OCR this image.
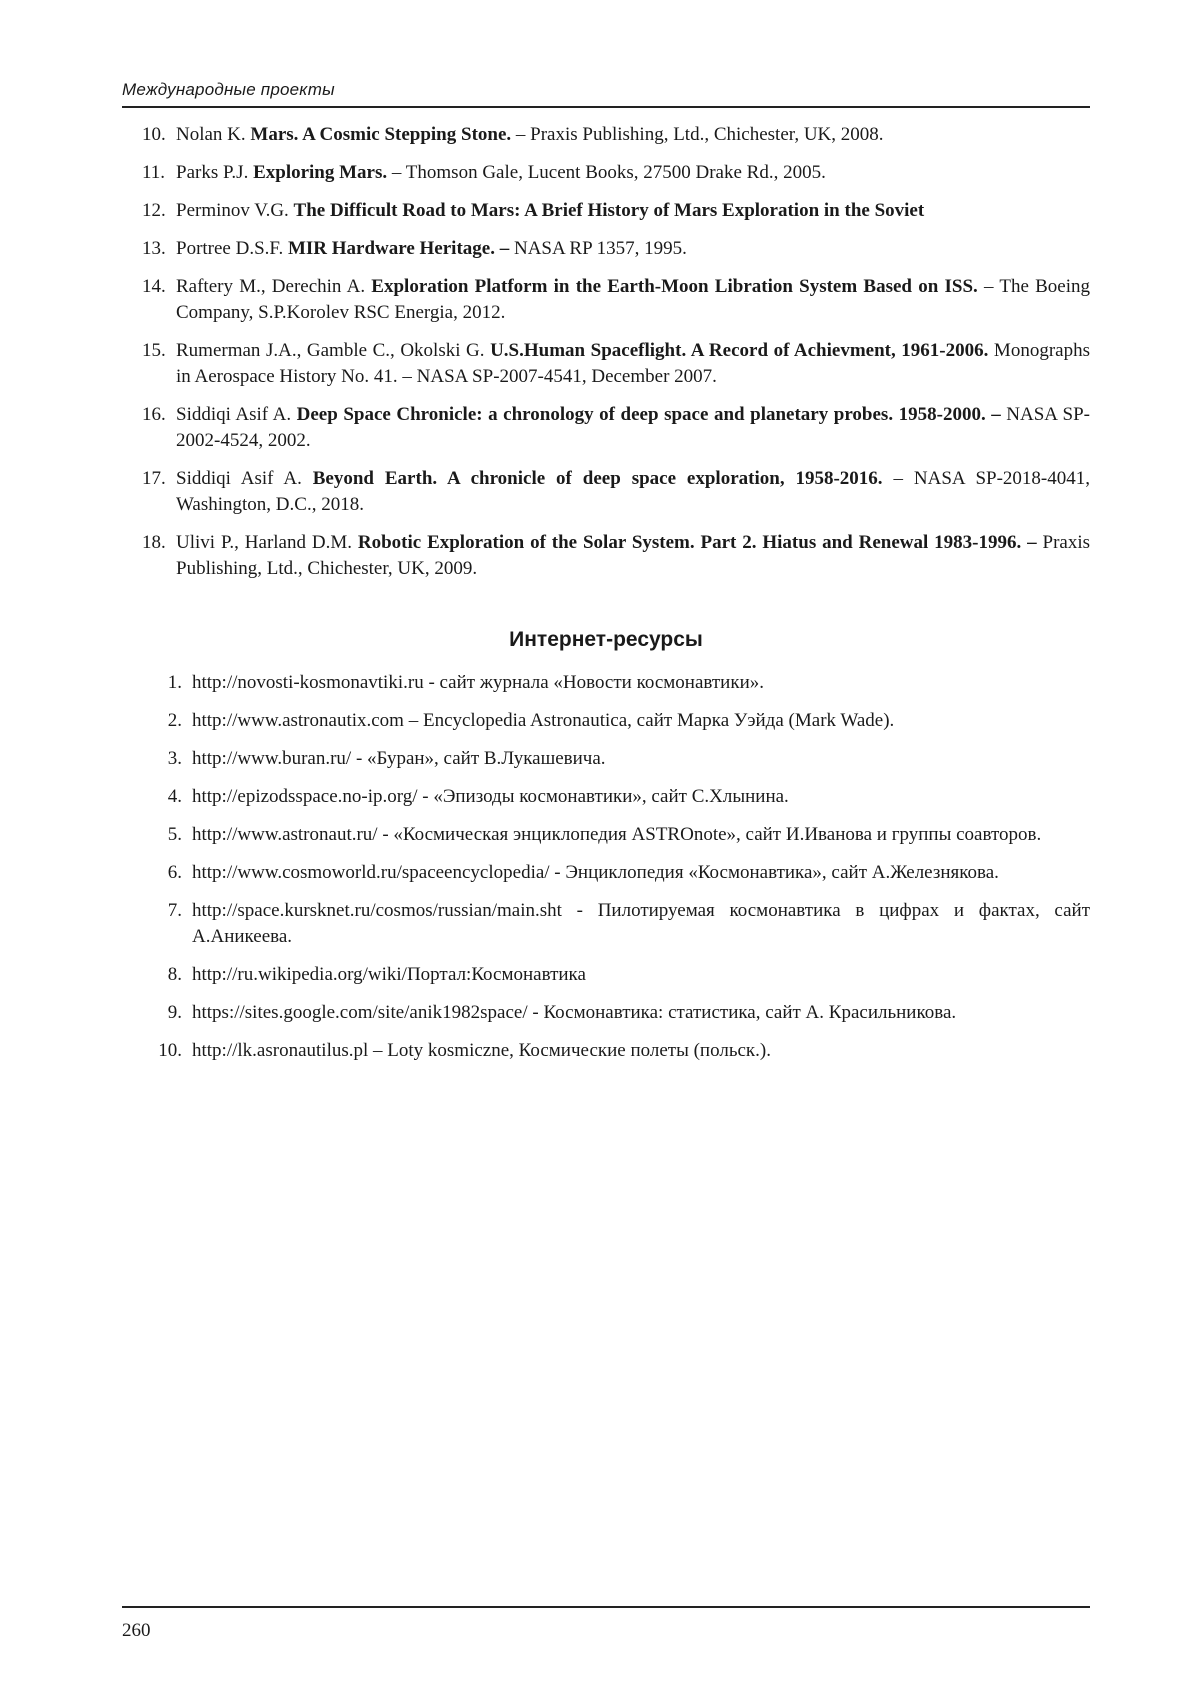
Международные проекты
10. Nolan K. Mars. A Cosmic Stepping Stone. – Praxis Publishing, Ltd., Chichester, UK, 2008.
11. Parks P.J. Exploring Mars. – Thomson Gale, Lucent Books, 27500 Drake Rd., 2005.
12. Perminov V.G. The Difficult Road to Mars: A Brief History of Mars Exploration in the Soviet
13. Portree D.S.F. MIR Hardware Heritage. – NASA RP 1357, 1995.
14. Raftery M., Derechin A. Exploration Platform in the Earth-Moon Libration System Based on ISS. – The Boeing Company, S.P.Korolev RSC Energia, 2012.
15. Rumerman J.A., Gamble C., Okolski G. U.S.Human Spaceflight. A Record of Achievment, 1961-2006. Monographs in Aerospace History No. 41. – NASA SP-2007-4541, December 2007.
16. Siddiqi Asif A. Deep Space Chronicle: a chronology of deep space and planetary probes. 1958-2000. – NASA SP-2002-4524, 2002.
17. Siddiqi Asif A. Beyond Earth. A chronicle of deep space exploration, 1958-2016. – NASA SP-2018-4041, Washington, D.C., 2018.
18. Ulivi P., Harland D.M. Robotic Exploration of the Solar System. Part 2. Hiatus and Renewal 1983-1996. – Praxis Publishing, Ltd., Chichester, UK, 2009.
Интернет-ресурсы
1. http://novosti-kosmonavtiki.ru - сайт журнала «Новости космонавтики».
2. http://www.astronautix.com – Encyclopedia Astronautica, сайт Марка Уэйда (Mark Wade).
3. http://www.buran.ru/ - «Буран», сайт В.Лукашевича.
4. http://epizodsspace.no-ip.org/ - «Эпизоды космонавтики», сайт С.Хлынина.
5. http://www.astronaut.ru/ - «Космическая энциклопедия ASTROnote», сайт И.Иванова и группы соавторов.
6. http://www.cosmoworld.ru/spaceencyclopedia/ - Энциклопедия «Космонавтика», сайт А.Железнякова.
7. http://space.kursknet.ru/cosmos/russian/main.sht - Пилотируемая космонавтика в цифрах и фактах, сайт А.Аникеева.
8. http://ru.wikipedia.org/wiki/Портал:Космонавтика
9. https://sites.google.com/site/anik1982space/ - Космонавтика: статистика, сайт А. Красильникова.
10. http://lk.asronautilus.pl – Loty kosmiczne, Космические полеты (польск.).
260
